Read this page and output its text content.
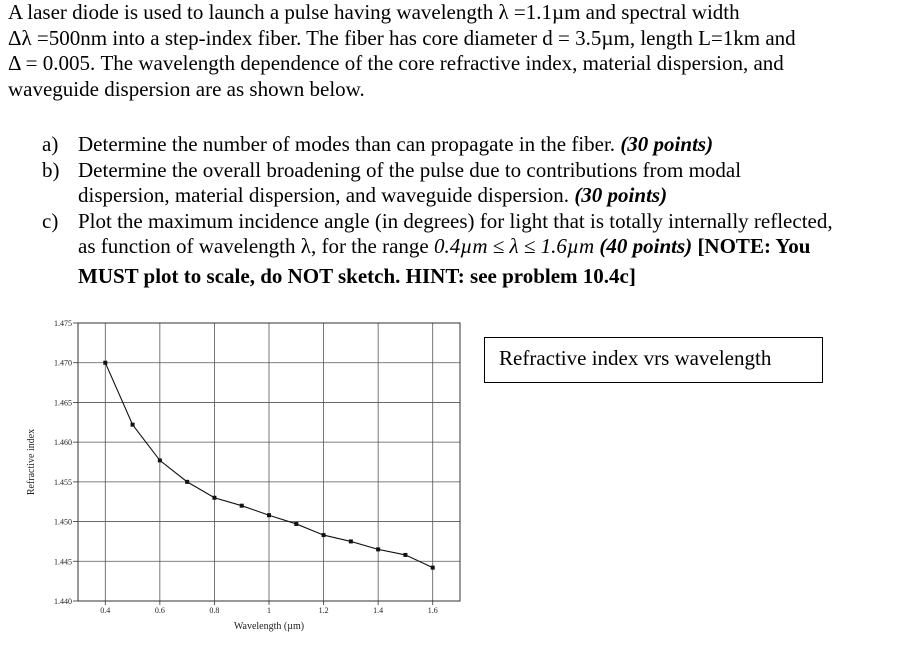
A laser diode is used to launch a pulse having wavelength λ =1.1µm and spectral width
Δλ =500nm into a step-index fiber. The fiber has core diameter d = 3.5µm, length L=1km and
Δ = 0.005. The wavelength dependence of the core refractive index, material dispersion, and
waveguide dispersion are as shown below.
a) Determine the number of modes than can propagate in the fiber. (30 points)
b) Determine the overall broadening of the pulse due to contributions from modal
dispersion, material dispersion, and waveguide dispersion. (30 points)
c) Plot the maximum incidence angle (in degrees) for light that is totally internally reflected,
as function of wavelength λ, for the range 0.4µm ≤ λ ≤ 1.6µm (40 points) [NOTE: You
MUST plot to scale, do NOT sketch. HINT: see problem 10.4c]
Refractive index vrs wavelength
1.440
1.445
1.450
1.455
1.460
1.465
1.470
1.475
0.4	0.6	0.8	1	1.2	1.4	1.6
Wavelength (µm)
Refractive index
